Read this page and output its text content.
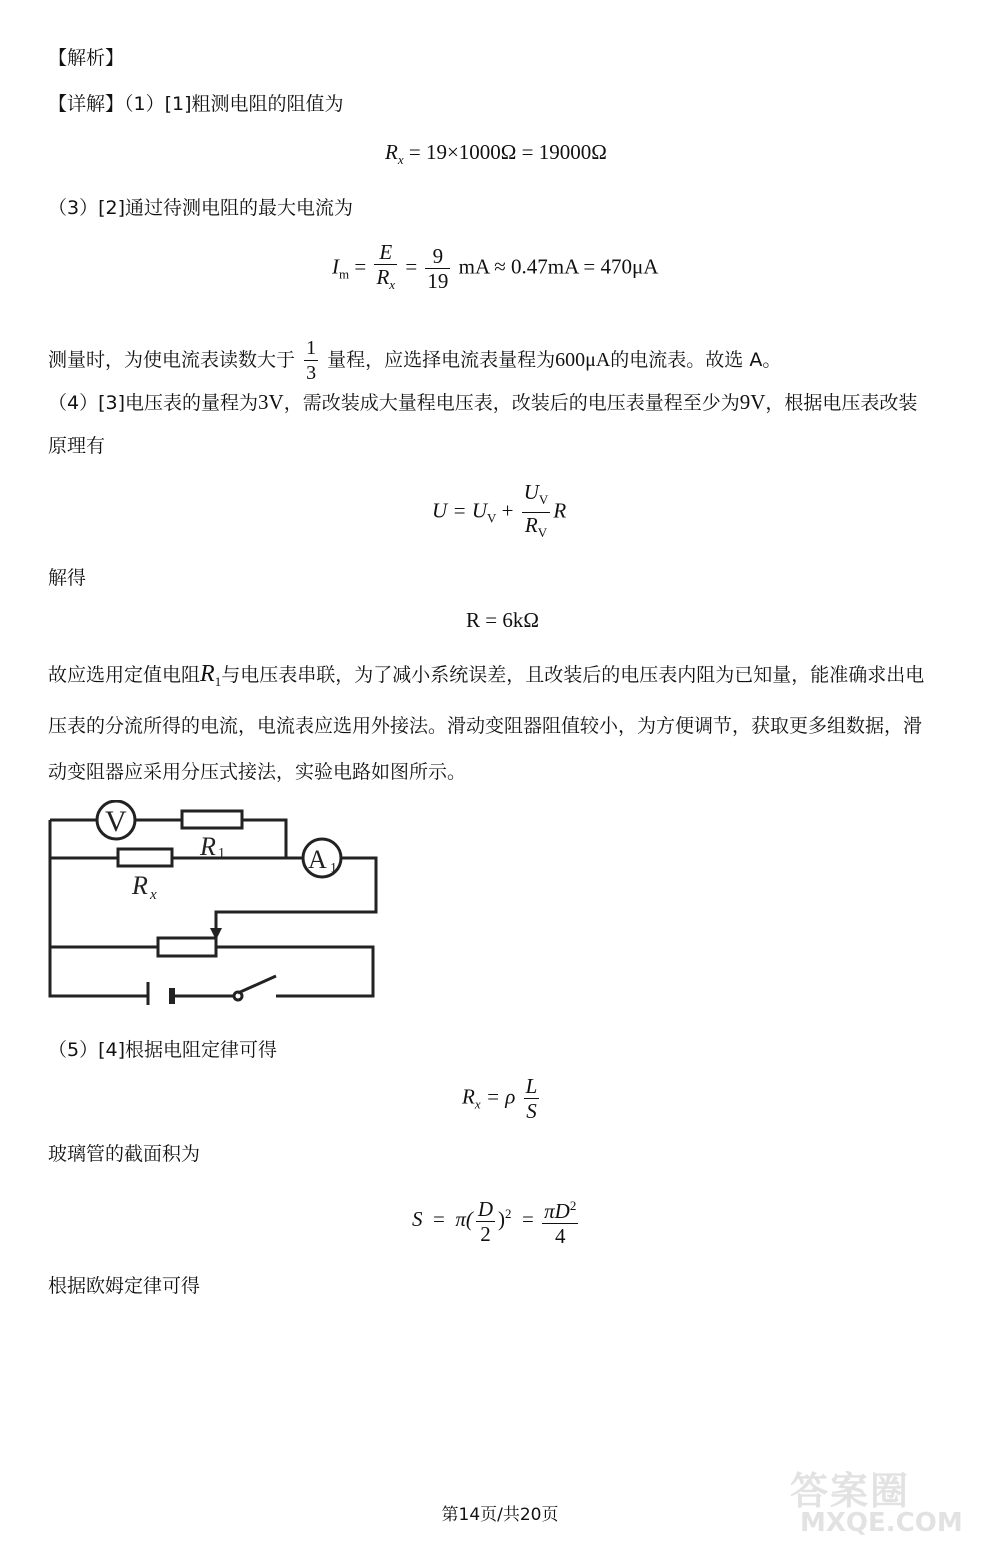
【解析】
【详解】（1）[1]粗测电阻的阻值为
$R_x = 19\times 1000\Omega = 19000\Omega$
（3）[2]通过待测电阻的最大电流为
$I_m = \frac{E}{R_x} = \frac{9}{19}$ mA ≈ 0.47mA = 470μA
测量时，为使电流表读数大于 $\frac{1}{3}$ 量程，应选择电流表量程为600μA的电流表。故选 A。
（4）[3]电压表的量程为3V，需改装成大量程电压表，改装后的电压表量程至少为9V，根据电压表改装
原理有
$U = U_V + \frac{U_V}{R_V}$ R
解得
R = 6kΩ
故应选用定值电阻$R_1$与电压表串联，为了减小系统误差，且改装后的电压表内阻为已知量，能准确求出电
压表的分流所得的电流，电流表应选用外接法。滑动变阻器阻值较小，为方便调节，获取更多组数据，滑
动变阻器应采用分压式接法，实验电路如图所示。
V
A 1
R 1
R x
（5）[4]根据电阻定律可得
$R_x = \rho \frac{L}{S}$
玻璃管的截面积为
$S = \pi( \frac{D}{2} )^2 = \frac{\pi D^2}{4}$
根据欧姆定律可得
答案圈
MXQE.COM
第14页/共20页
